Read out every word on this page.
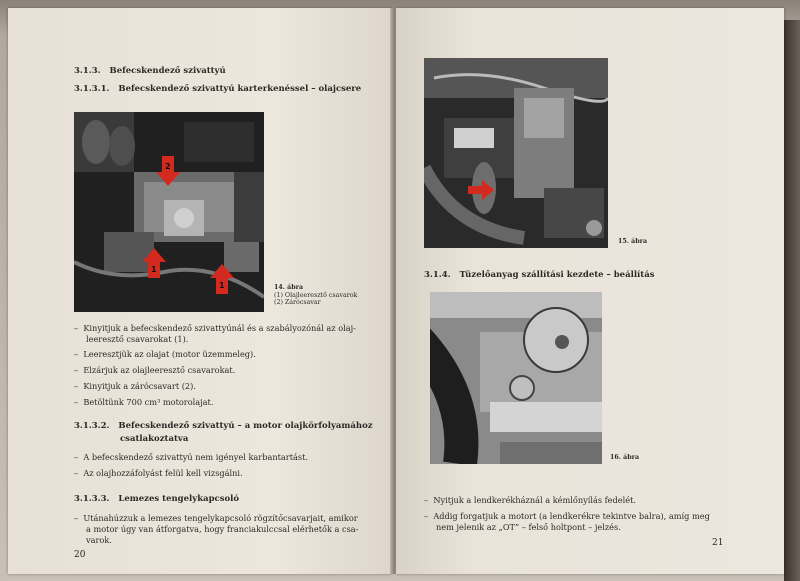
3.1.3. Befecskendező szivattyú
3.1.3.1. Befecskendező szivattyú karterkenéssel – olajcsere
2
1
1	14. ábra
(1) Olajleeresztő csavarok
(2) Zárócsavar
–  Kinyitjuk a befecskendező szivattyúnál és a szabályozónál az olaj-
leeresztő csavarokat (1).
–  Leeresztjük az olajat (motor üzemmeleg).
–  Elzárjuk az olajleeresztő csavarokat.
–  Kinyitjuk a zárócsavart (2).
–  Betöltünk 700 cm³ motorolajat.
3.1.3.2. Befecskendező szivattyú – a motor olajkörfolyamához
csatlakoztatva
–  A befecskendező szivattyú nem igényel karbantartást.
–  Az olajhozzáfolyást felül kell vizsgálni.
3.1.3.3. Lemezes tengelykapcsoló
–  Utánahúzzuk a lemezes tengelykapcsoló rögzítőcsavarjait, amikor
a motor úgy van átforgatva, hogy franciakulccsal elérhetők a csa-
varok.
20
15. ábra
3.1.4. Tüzelőanyag szállítási kezdete – beállítás
16. ábra
–  Nyitjuk a lendkerékháznál a kémlőnyílás fedelét.
–  Addig forgatjuk a motort (a lendkerékre tekintve balra), amíg meg
nem jelenik az „OT” – felső holtpont – jelzés.
21
